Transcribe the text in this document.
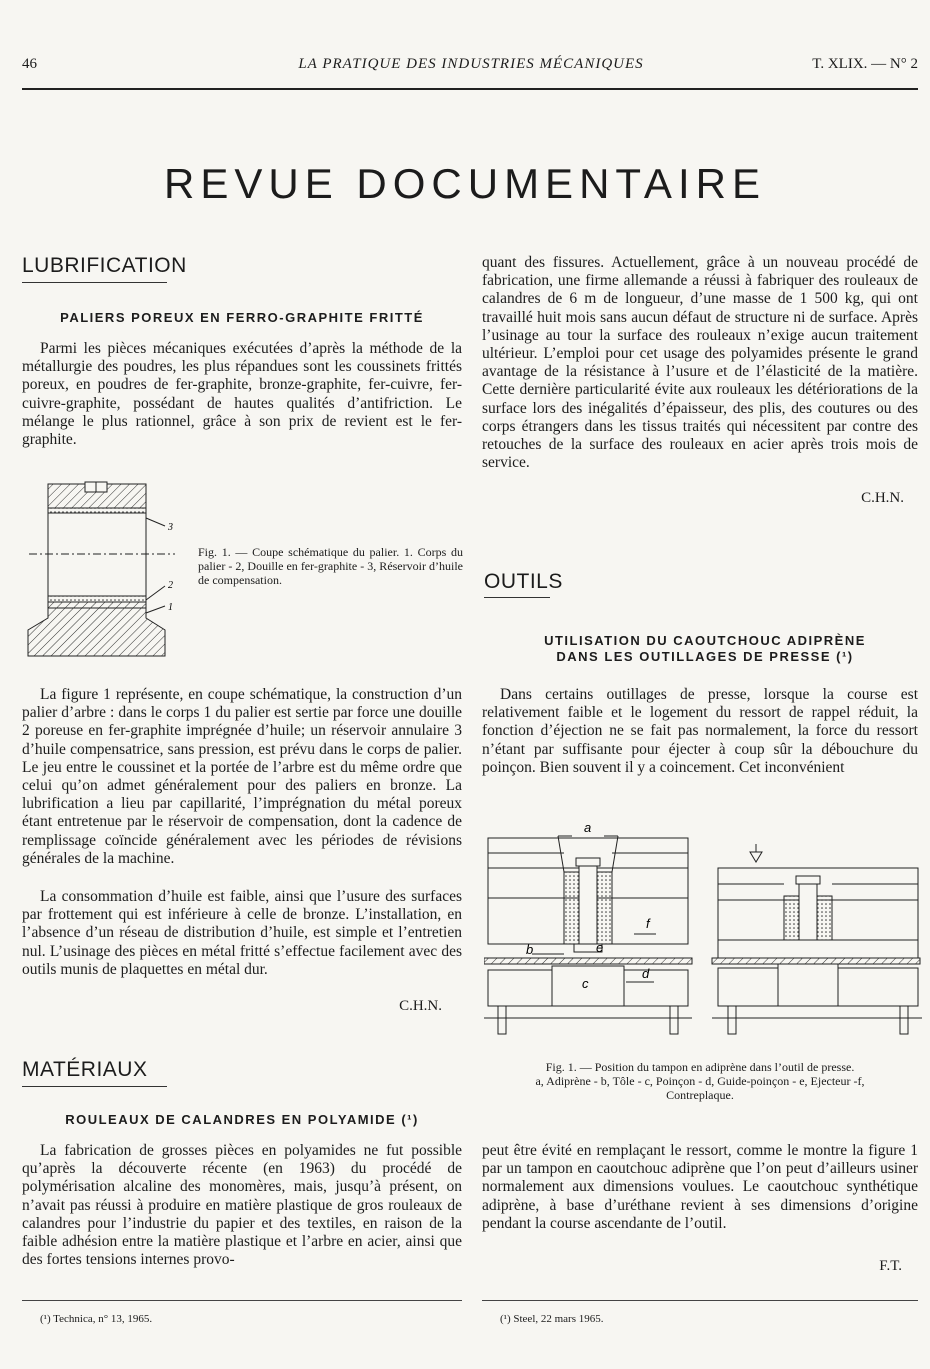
46	LA PRATIQUE DES INDUSTRIES MÉCANIQUES	T. XLIX. — N° 2
REVUE DOCUMENTAIRE
LUBRIFICATION
PALIERS POREUX EN FERRO-GRAPHITE FRITTÉ

Parmi les pièces mécaniques exécutées d’après la méthode de la métallurgie des poudres, les plus répandues sont les coussinets frittés poreux, en poudres de fer-graphite, bronze-graphite, fer-cuivre, fer-cuivre-graphite, possédant de hautes qualités d’antifriction. Le mélange le plus rationnel, grâce à son prix de revient est le fer-graphite.

3
2
1
Fig. 1. — Coupe schématique du palier. 1. Corps du palier - 2, Douille en fer-graphite - 3, Réservoir d’huile de compensation.

La figure 1 représente, en coupe schématique, la construction d’un palier d’arbre : dans le corps 1 du palier est sertie par force une douille 2 poreuse en fer-graphite imprégnée d’huile; un réservoir annulaire 3 d’huile compensatrice, sans pression, est prévu dans le corps de palier. Le jeu entre le coussinet et la portée de l’arbre est du même ordre que celui qu’on admet généralement pour des paliers en bronze. La lubrification a lieu par capillarité, l’imprégnation du métal poreux étant entretenue par le réservoir de compensation, dont la cadence de remplissage coïncide généralement avec les périodes de révisions générales de la machine.

La consommation d’huile est faible, ainsi que l’usure des surfaces par frottement qui est inférieure à celle de bronze. L’installation, en l’absence d’un réseau de distribution d’huile, est simple et l’entretien nul. L’usinage des pièces en métal fritté s’effectue facilement avec des outils munis de plaquettes en métal dur.

C.H.N.
MATÉRIAUX
ROULEAUX DE CALANDRES EN POLYAMIDE (¹)

La fabrication de grosses pièces en polyamides ne fut possible qu’après la découverte récente (en 1963) du procédé de polymérisation alcaline des monomères, mais, jusqu’à présent, on n’avait pas réussi à produire en matière plastique de gros rouleaux de calandres pour l’industrie du papier et des textiles, en raison de la faible adhésion entre la matière plastique et l’arbre en acier, ainsi que des fortes tensions internes provo-

(¹) Technica, n° 13, 1965.

quant des fissures. Actuellement, grâce à un nouveau procédé de fabrication, une firme allemande a réussi à fabriquer des rouleaux de calandres de 6 m de longueur, d’une masse de 1 500 kg, qui ont travaillé huit mois sans aucun défaut de structure ni de surface. Après l’usinage au tour la surface des rouleaux n’exige aucun traitement ultérieur. L’emploi pour cet usage des polyamides présente le grand avantage de la résistance à l’usure et de l’élasticité de la matière. Cette dernière particularité évite aux rouleaux les détériorations de la surface lors des inégalités d’épaisseur, des plis, des coutures ou des corps étrangers dans les tissus traités qui nécessitent par contre des retouches de la surface des rouleaux en acier après trois mois de service.

C.H.N.
OUTILS
UTILISATION DU CAOUTCHOUC ADIPRÈNE
DANS LES OUTILLAGES DE PRESSE (¹)

Dans certains outillages de presse, lorsque la course est relativement faible et le logement du ressort de rappel réduit, la fonction d’éjection ne se fait pas normalement, la force du ressort n’étant par suffisante pour éjecter à coup sûr la débouchure du poinçon. Bien souvent il y a coincement. Cet inconvénient

a
b	e
f
c
d
Fig. 1. — Position du tampon en adiprène dans l’outil de presse.
a, Adiprène - b, Tôle - c, Poinçon - d, Guide-poinçon - e, Ejecteur -f,
Contreplaque.

peut être évité en remplaçant le ressort, comme le montre la figure 1 par un tampon en caoutchouc adiprène que l’on peut d’ailleurs usiner normalement aux dimensions voulues. Le caoutchouc synthétique adiprène, à base d’uréthane revient à ses dimensions d’origine pendant la course ascendante de l’outil.

F.T.
(¹) Steel, 22 mars 1965.
